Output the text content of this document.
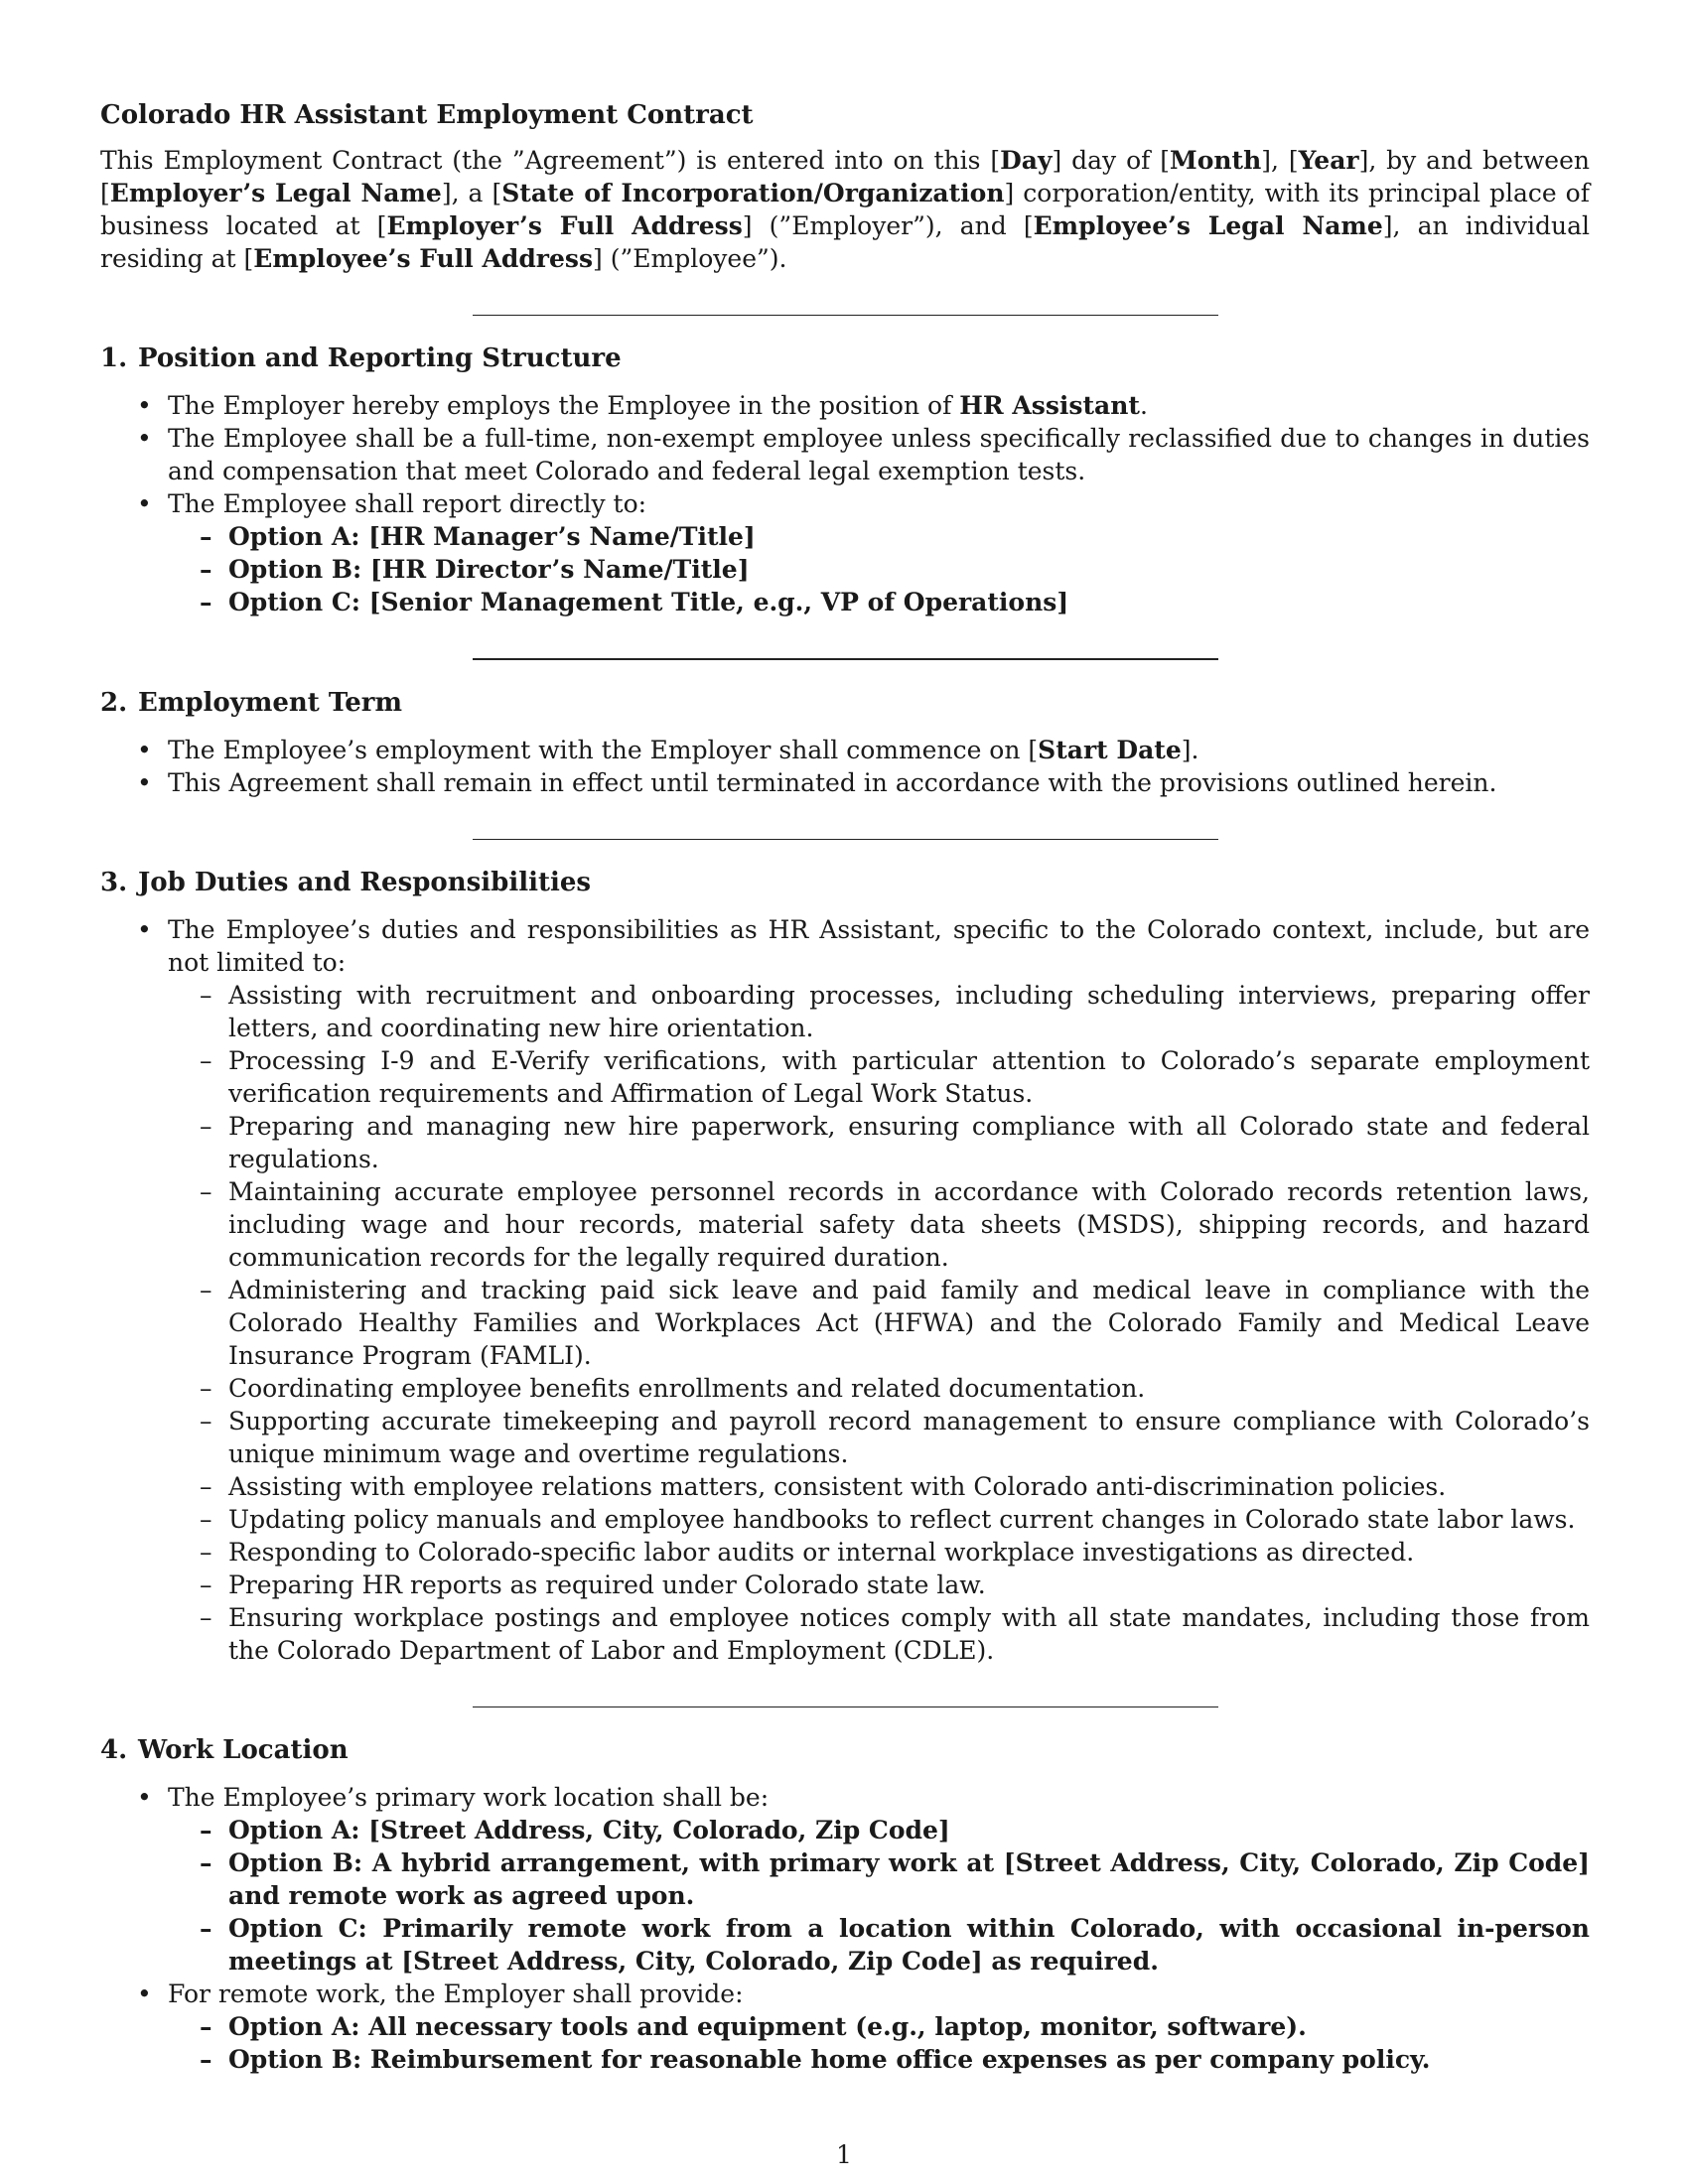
Colorado HR Assistant Employment Contract

This Employment Contract (the ”Agreement”) is entered into on this [Day] day of [Month], [Year], by and between [Employer’s Legal Name], a [State of Incorporation/Organization] corporation/entity, with its principal place of business located at [Employer’s Full Address] (”Employer”), and [Employee’s Legal Name], an individual residing at [Employee’s Full Address] (”Employee”).

1. Position and Reporting Structure
• The Employer hereby employs the Employee in the position of HR Assistant.
• The Employee shall be a full-time, non-exempt employee unless specifically reclassified due to changes in duties and compensation that meet Colorado and federal legal exemption tests.
• The Employee shall report directly to:
– Option A: [HR Manager’s Name/Title]
– Option B: [HR Director’s Name/Title]
– Option C: [Senior Management Title, e.g., VP of Operations]
2. Employment Term
• The Employee’s employment with the Employer shall commence on [Start Date].
• This Agreement shall remain in effect until terminated in accordance with the provisions outlined herein.
3. Job Duties and Responsibilities
• The Employee’s duties and responsibilities as HR Assistant, specific to the Colorado context, include, but are not limited to:
– Assisting with recruitment and onboarding processes, including scheduling interviews, preparing offer letters, and coordinating new hire orientation.
– Processing I-9 and E-Verify verifications, with particular attention to Colorado’s separate employment verification requirements and Affirmation of Legal Work Status.
– Preparing and managing new hire paperwork, ensuring compliance with all Colorado state and federal regulations.
– Maintaining accurate employee personnel records in accordance with Colorado records retention laws, including wage and hour records, material safety data sheets (MSDS), shipping records, and hazard communication records for the legally required duration.
– Administering and tracking paid sick leave and paid family and medical leave in compliance with the Colorado Healthy Families and Workplaces Act (HFWA) and the Colorado Family and Medical Leave Insurance Program (FAMLI).
– Coordinating employee benefits enrollments and related documentation.
– Supporting accurate timekeeping and payroll record management to ensure compliance with Colorado’s unique minimum wage and overtime regulations.
– Assisting with employee relations matters, consistent with Colorado anti-discrimination policies.
– Updating policy manuals and employee handbooks to reflect current changes in Colorado state labor laws.
– Responding to Colorado-specific labor audits or internal workplace investigations as directed.
– Preparing HR reports as required under Colorado state law.
– Ensuring workplace postings and employee notices comply with all state mandates, including those from the Colorado Department of Labor and Employment (CDLE).
4. Work Location
• The Employee’s primary work location shall be:
– Option A: [Street Address, City, Colorado, Zip Code]
– Option B: A hybrid arrangement, with primary work at [Street Address, City, Colorado, Zip Code] and remote work as agreed upon.
– Option C: Primarily remote work from a location within Colorado, with occasional in-person meetings at [Street Address, City, Colorado, Zip Code] as required.
• For remote work, the Employer shall provide:
– Option A: All necessary tools and equipment (e.g., laptop, monitor, software).
– Option B: Reimbursement for reasonable home office expenses as per company policy.
1
